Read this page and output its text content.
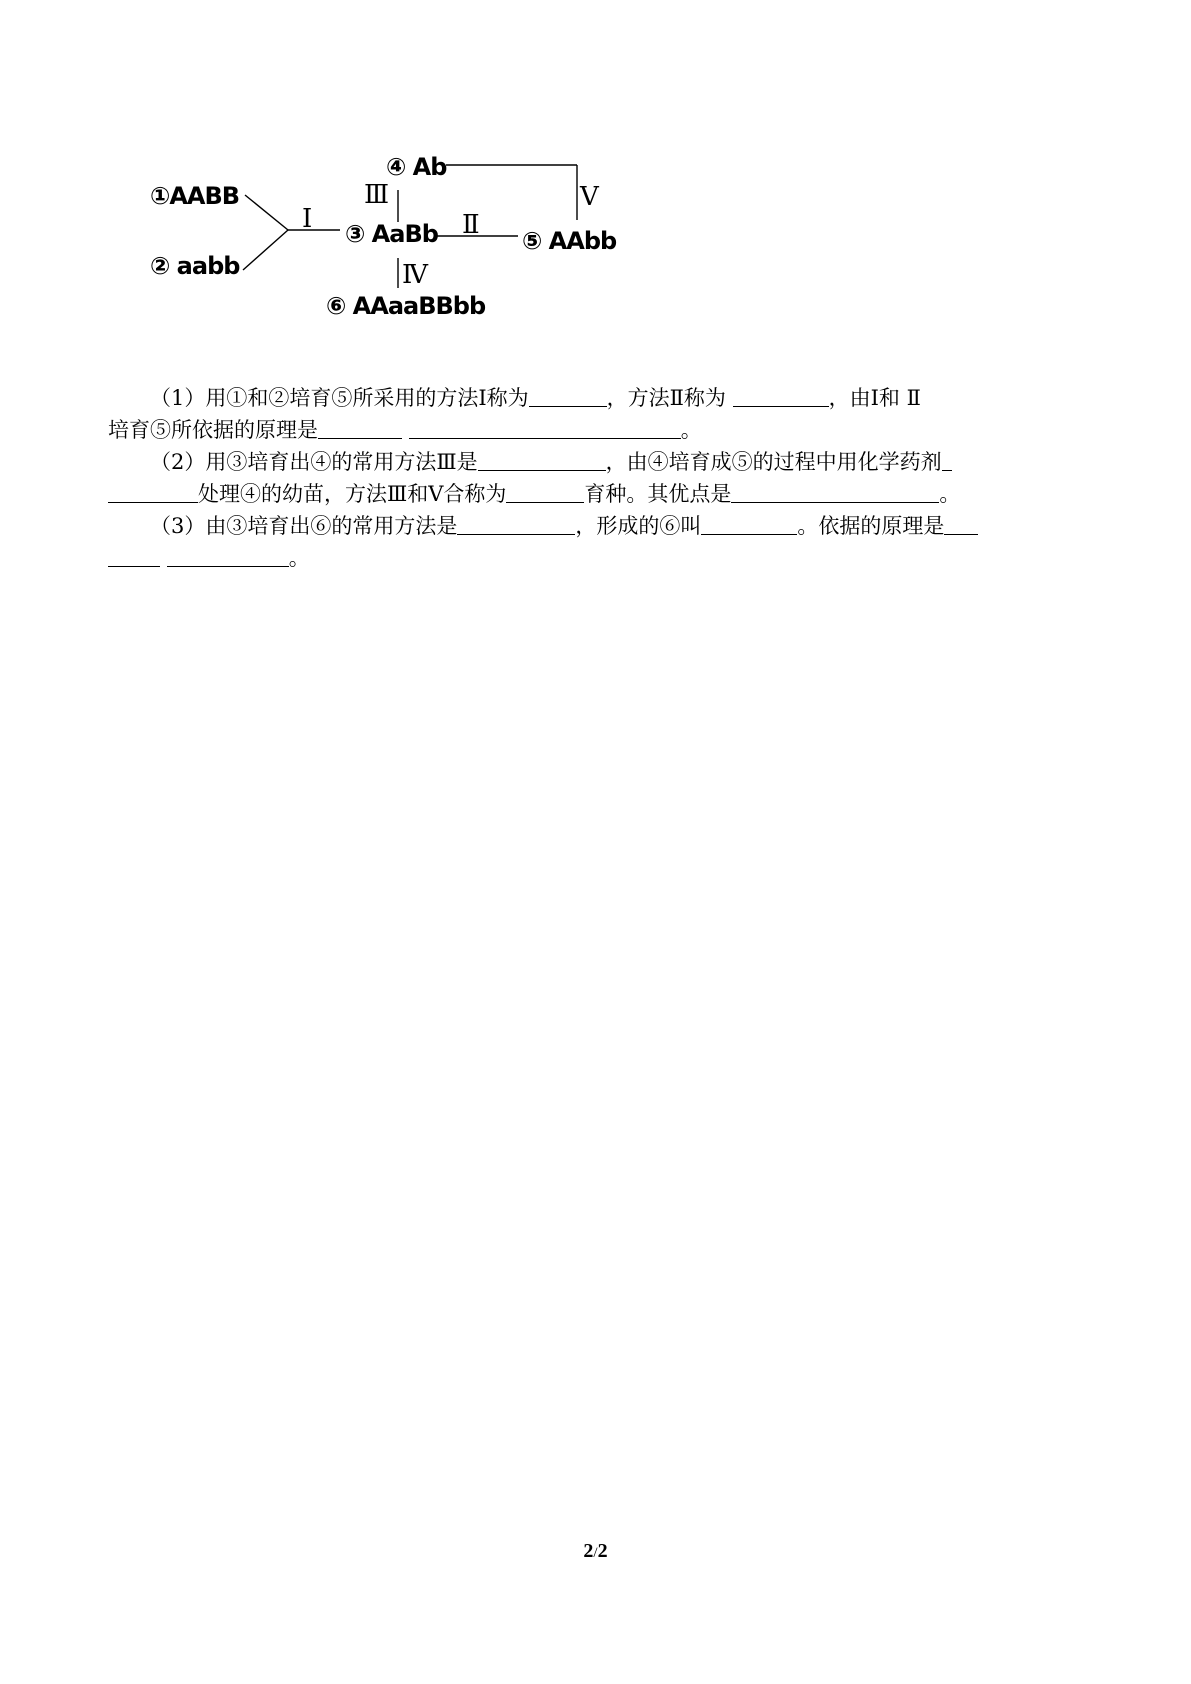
①AABB
② aabb
③ AaBb
④ Ab
⑤ AAbb
⑥ AAaaBBbb
Ⅰ	Ⅱ
Ⅲ
Ⅳ
Ⅴ

（1）用①和②培育⑤所采用的方法Ⅰ称为	，方法Ⅱ称为	，由Ⅰ和 Ⅱ

培育⑤所依据的原理是	。

（2）用③培育出④的常用方法Ⅲ是	，由④培育成⑤的过程中用化学药剂

处理④的幼苗，方法Ⅲ和Ⅴ合称为	育种。其优点是	。

（3）由③培育出⑥的常用方法是	，形成的⑥叫	。依据的原理是

。

2/2
